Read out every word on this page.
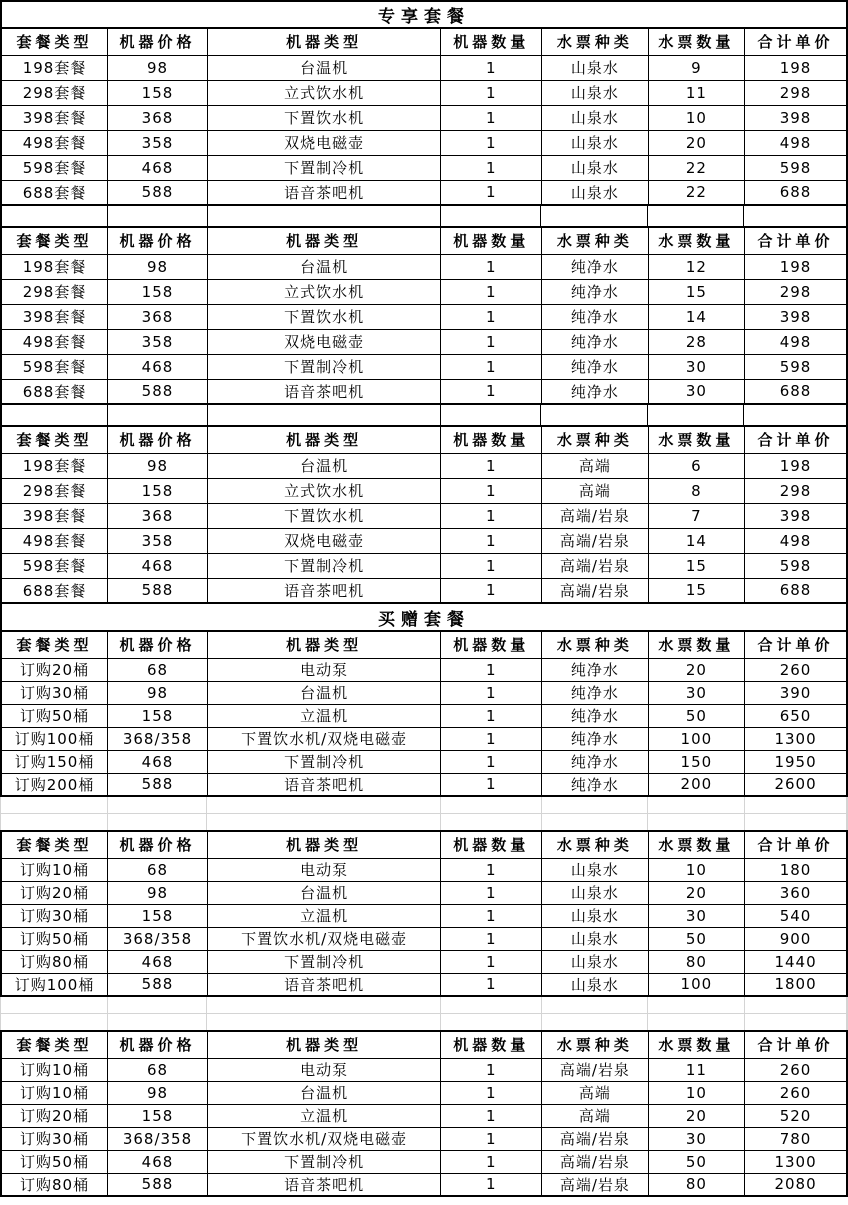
专享套餐
套餐类型	机器价格	机器类型	机器数量	水票种类	水票数量	合计单价
198套餐	98	台温机	1	山泉水	9	198
298套餐	158	立式饮水机	1	山泉水	11	298
398套餐	368	下置饮水机	1	山泉水	10	398
498套餐	358	双烧电磁壶	1	山泉水	20	498
598套餐	468	下置制冷机	1	山泉水	22	598
688套餐	588	语音茶吧机	1	山泉水	22	688
套餐类型	机器价格	机器类型	机器数量	水票种类	水票数量	合计单价
198套餐	98	台温机	1	纯净水	12	198
298套餐	158	立式饮水机	1	纯净水	15	298
398套餐	368	下置饮水机	1	纯净水	14	398
498套餐	358	双烧电磁壶	1	纯净水	28	498
598套餐	468	下置制冷机	1	纯净水	30	598
688套餐	588	语音茶吧机	1	纯净水	30	688
套餐类型	机器价格	机器类型	机器数量	水票种类	水票数量	合计单价
198套餐	98	台温机	1	高端	6	198
298套餐	158	立式饮水机	1	高端	8	298
398套餐	368	下置饮水机	1	高端/岩泉	7	398
498套餐	358	双烧电磁壶	1	高端/岩泉	14	498
598套餐	468	下置制冷机	1	高端/岩泉	15	598
688套餐	588	语音茶吧机	1	高端/岩泉	15	688
买赠套餐
套餐类型	机器价格	机器类型	机器数量	水票种类	水票数量	合计单价
订购20桶	68	电动泵	1	纯净水	20	260
订购30桶	98	台温机	1	纯净水	30	390
订购50桶	158	立温机	1	纯净水	50	650
订购100桶	368/358	下置饮水机/双烧电磁壶	1	纯净水	100	1300
订购150桶	468	下置制冷机	1	纯净水	150	1950
订购200桶	588	语音茶吧机	1	纯净水	200	2600
套餐类型	机器价格	机器类型	机器数量	水票种类	水票数量	合计单价
订购10桶	68	电动泵	1	山泉水	10	180
订购20桶	98	台温机	1	山泉水	20	360
订购30桶	158	立温机	1	山泉水	30	540
订购50桶	368/358	下置饮水机/双烧电磁壶	1	山泉水	50	900
订购80桶	468	下置制冷机	1	山泉水	80	1440
订购100桶	588	语音茶吧机	1	山泉水	100	1800
套餐类型	机器价格	机器类型	机器数量	水票种类	水票数量	合计单价
订购10桶	68	电动泵	1	高端/岩泉	11	260
订购10桶	98	台温机	1	高端	10	260
订购20桶	158	立温机	1	高端	20	520
订购30桶	368/358	下置饮水机/双烧电磁壶	1	高端/岩泉	30	780
订购50桶	468	下置制冷机	1	高端/岩泉	50	1300
订购80桶	588	语音茶吧机	1	高端/岩泉	80	2080
